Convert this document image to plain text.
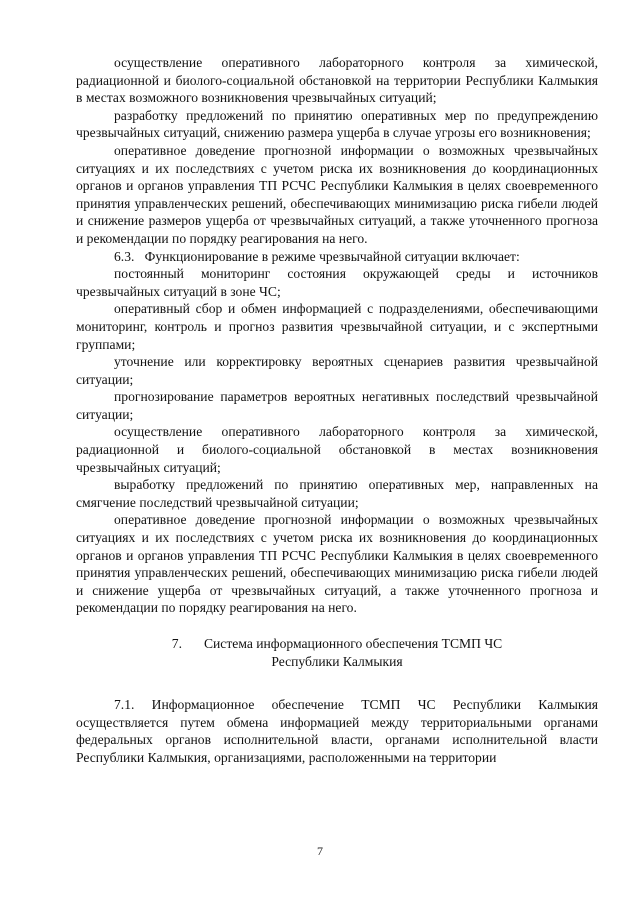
осуществление оперативного лабораторного контроля за химической, радиационной и биолого-социальной обстановкой на территории Республики Калмыкия в местах возможного возникновения чрезвычайных ситуаций;

разработку предложений по принятию оперативных мер по предупреждению чрезвычайных ситуаций, снижению размера ущерба в случае угрозы его возникновения;

оперативное доведение прогнозной информации о возможных чрезвычайных ситуациях и их последствиях с учетом риска их возникновения до координационных органов и органов управления ТП РСЧС Республики Калмыкия в целях своевременного принятия управленческих решений, обеспечивающих минимизацию риска гибели людей и снижение размеров ущерба от чрезвычайных ситуаций, а также уточненного прогноза и рекомендации по порядку реагирования на него.

6.3.   Функционирование в режиме чрезвычайной ситуации включает:

постоянный мониторинг состояния окружающей среды и источников чрезвычайных ситуаций в зоне ЧС;

оперативный сбор и обмен информацией с подразделениями, обеспечивающими мониторинг, контроль и прогноз развития чрезвычайной ситуации, и с экспертными группами;

уточнение или корректировку вероятных сценариев развития чрезвычайной ситуации;

прогнозирование параметров вероятных негативных последствий чрезвычайной ситуации;

осуществление оперативного лабораторного контроля за химической, радиационной и биолого-социальной обстановкой в местах возникновения чрезвычайных ситуаций;

выработку предложений по принятию оперативных мер, направленных на смягчение последствий чрезвычайной ситуации;

оперативное доведение прогнозной информации о возможных чрезвычайных ситуациях и их последствиях с учетом риска их возникновения до координационных органов и органов управления ТП РСЧС Республики Калмыкия в целях своевременного принятия управленческих решений, обеспечивающих минимизацию риска гибели людей и снижение ущерба от чрезвычайных ситуаций, а также уточненного прогноза и рекомендации по порядку реагирования на него.

7. Система информационного обеспечения ТСМП ЧС
Республики Калмыкия

7.1. Информационное обеспечение ТСМП ЧС Республики Калмыкия осуществляется путем обмена информацией между территориальными органами федеральных органов исполнительной власти, органами исполнительной власти Республики Калмыкия, организациями, расположенными на территории

7
